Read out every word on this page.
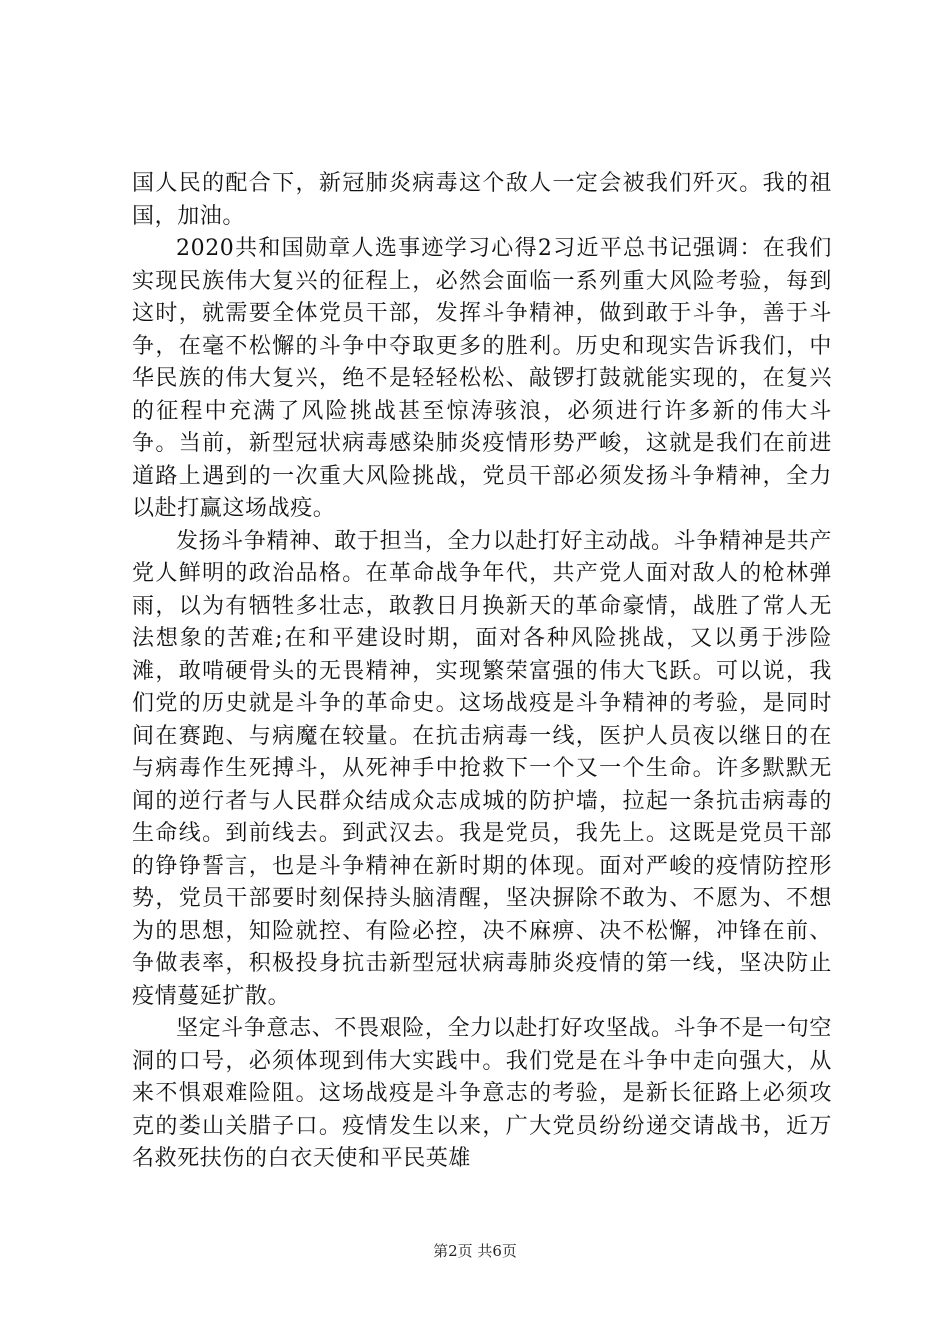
国人民的配合下，新冠肺炎病毒这个敌人一定会被我们歼灭。我的祖国，加油。

2020共和国勋章人选事迹学习心得2习近平总书记强调：在我们实现民族伟大复兴的征程上，必然会面临一系列重大风险考验，每到这时，就需要全体党员干部，发挥斗争精神，做到敢于斗争，善于斗争，在毫不松懈的斗争中夺取更多的胜利。历史和现实告诉我们，中华民族的伟大复兴，绝不是轻轻松松、敲锣打鼓就能实现的，在复兴的征程中充满了风险挑战甚至惊涛骇浪，必须进行许多新的伟大斗争。当前，新型冠状病毒感染肺炎疫情形势严峻，这就是我们在前进道路上遇到的一次重大风险挑战，党员干部必须发扬斗争精神，全力以赴打赢这场战疫。

发扬斗争精神、敢于担当，全力以赴打好主动战。斗争精神是共产党人鲜明的政治品格。在革命战争年代，共产党人面对敌人的枪林弹雨，以为有牺牲多壮志，敢教日月换新天的革命豪情，战胜了常人无法想象的苦难;在和平建设时期，面对各种风险挑战，又以勇于涉险滩，敢啃硬骨头的无畏精神，实现繁荣富强的伟大飞跃。可以说，我们党的历史就是斗争的革命史。这场战疫是斗争精神的考验，是同时间在赛跑、与病魔在较量。在抗击病毒一线，医护人员夜以继日的在与病毒作生死搏斗，从死神手中抢救下一个又一个生命。许多默默无闻的逆行者与人民群众结成众志成城的防护墙，拉起一条抗击病毒的生命线。到前线去。到武汉去。我是党员，我先上。这既是党员干部的铮铮誓言，也是斗争精神在新时期的体现。面对严峻的疫情防控形势，党员干部要时刻保持头脑清醒，坚决摒除不敢为、不愿为、不想为的思想，知险就控、有险必控，决不麻痹、决不松懈，冲锋在前、争做表率，积极投身抗击新型冠状病毒肺炎疫情的第一线，坚决防止疫情蔓延扩散。

坚定斗争意志、不畏艰险，全力以赴打好攻坚战。斗争不是一句空洞的口号，必须体现到伟大实践中。我们党是在斗争中走向强大，从来不惧艰难险阻。这场战疫是斗争意志的考验，是新长征路上必须攻克的娄山关腊子口。疫情发生以来，广大党员纷纷递交请战书，近万名救死扶伤的白衣天使和平民英雄

第2页 共6页
